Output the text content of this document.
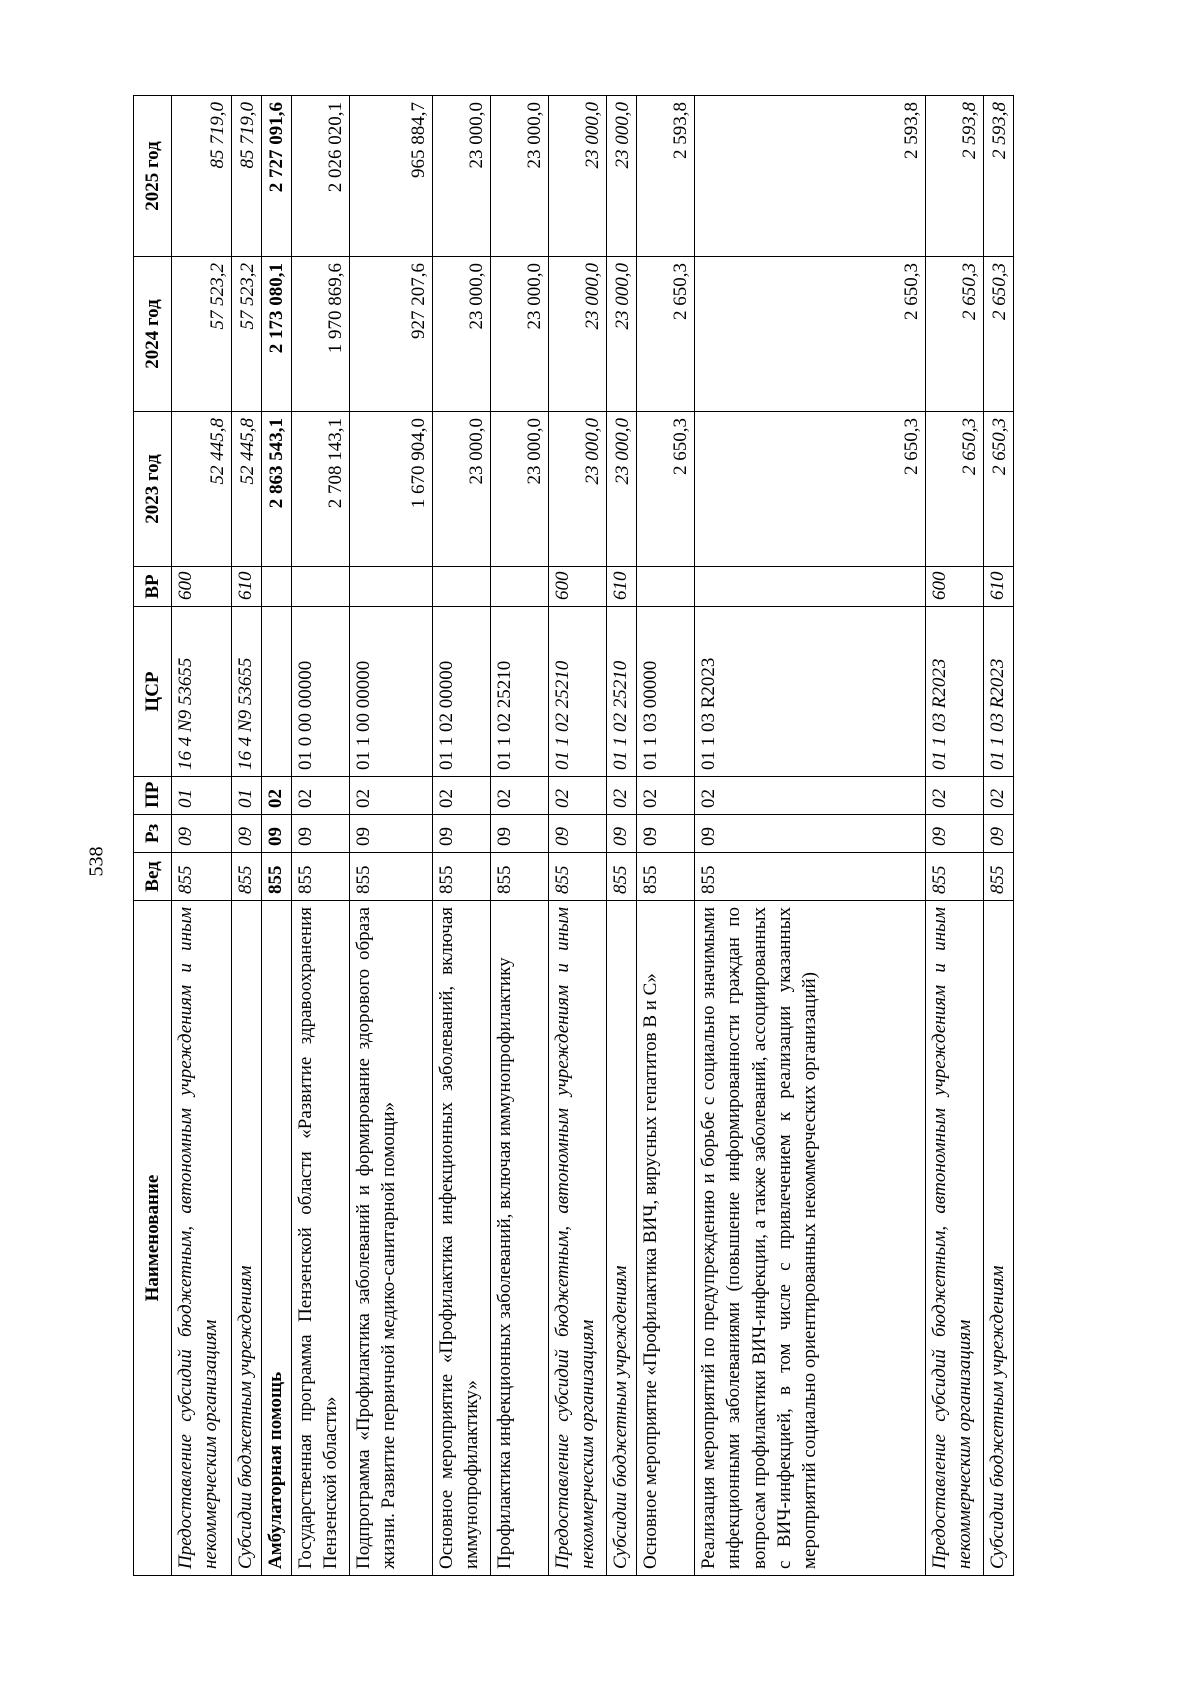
538
Наименование	Вед	Рз	ПР	ЦСР	ВР	2023 год	2024 год	2025 год
Предоставление субсидий бюджетным, автономным учреждениям и иным некоммерческим организациям	855	09	01	16 4 N9 53655	600	52 445,8	57 523,2	85 719,0
Субсидии бюджетным учреждениям	855	09	01	16 4 N9 53655	610	52 445,8	57 523,2	85 719,0
Амбулаторная помощь	855	09	02			2 863 543,1	2 173 080,1	2 727 091,6
Государственная программа Пензенской области «Развитие здравоохранения Пензенской области»	855	09	02	01 0 00 00000		2 708 143,1	1 970 869,6	2 026 020,1
Подпрограмма «Профилактика заболеваний и формирование здорового образа жизни. Развитие первичной медико-санитарной помощи»	855	09	02	01 1 00 00000		1 670 904,0	927 207,6	965 884,7
Основное мероприятие «Профилактика инфекционных заболеваний, включая иммунопрофилактику»	855	09	02	01 1 02 00000		23 000,0	23 000,0	23 000,0
Профилактика инфекционных заболеваний, включая иммунопрофилактику	855	09	02	01 1 02 25210		23 000,0	23 000,0	23 000,0
Предоставление субсидий бюджетным, автономным учреждениям и иным некоммерческим организациям	855	09	02	01 1 02 25210	600	23 000,0	23 000,0	23 000,0
Субсидии бюджетным учреждениям	855	09	02	01 1 02 25210	610	23 000,0	23 000,0	23 000,0
Основное мероприятие «Профилактика ВИЧ, вирусных гепатитов В и С»	855	09	02	01 1 03 00000		2 650,3	2 650,3	2 593,8
Реализация мероприятий по предупреждению и борьбе с социально значимыми инфекционными заболеваниями (повышение информированности граждан по вопросам профилактики ВИЧ-инфекции, а также заболеваний, ассоциированных с ВИЧ-инфекцией, в том числе с привлечением к реализации указанных мероприятий социально ориентированных некоммерческих организаций)	855	09	02	01 1 03 R2023		2 650,3	2 650,3	2 593,8
Предоставление субсидий бюджетным, автономным учреждениям и иным некоммерческим организациям	855	09	02	01 1 03 R2023	600	2 650,3	2 650,3	2 593,8
Субсидии бюджетным учреждениям	855	09	02	01 1 03 R2023	610	2 650,3	2 650,3	2 593,8
